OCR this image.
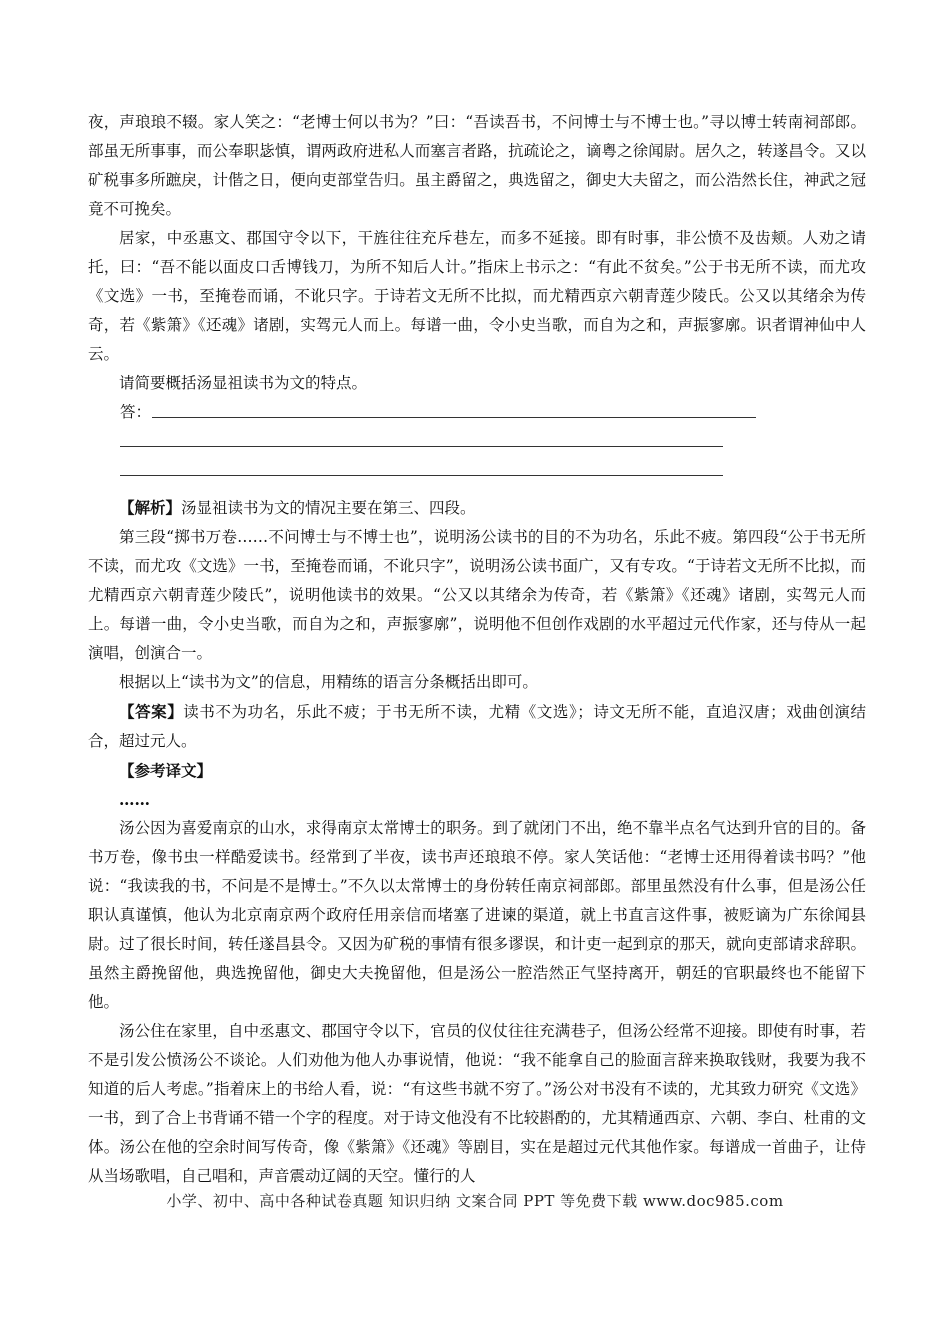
夜，声琅琅不辍。家人笑之：“老博士何以书为？”曰：“吾读吾书，不问博士与不博士也。”寻以博士转南祠部郎。部虽无所事事，而公奉职毖慎，谓两政府进私人而塞言者路，抗疏论之，谪粤之徐闻尉。居久之，转遂昌令。又以矿税事多所蹠戾，计偕之日，便向吏部堂告归。虽主爵留之，典选留之，御史大夫留之，而公浩然长住，神武之冠竟不可挽矣。

居家，中丞惠文、郡国守令以下，干旌往往充斥巷左，而多不延接。即有时事，非公愤不及齿颊。人劝之请托，曰：“吾不能以面皮口舌博钱刀，为所不知后人计。”指床上书示之：“有此不贫矣。”公于书无所不读，而尤攻《文选》一书，至掩卷而诵，不讹只字。于诗若文无所不比拟，而尤精西京六朝青莲少陵氏。公又以其绪余为传奇，若《紫箫》《还魂》诸剧，实驾元人而上。每谱一曲，令小史当歌，而自为之和，声振寥廓。识者谓神仙中人云。

请简要概括汤显祖读书为文的特点。

答：

【解析】汤显祖读书为文的情况主要在第三、四段。

第三段“掷书万卷……不问博士与不博士也”，说明汤公读书的目的不为功名，乐此不疲。第四段“公于书无所不读，而尤攻《文选》一书，至掩卷而诵，不讹只字”，说明汤公读书面广，又有专攻。“于诗若文无所不比拟，而尤精西京六朝青莲少陵氏”，说明他读书的效果。“公又以其绪余为传奇，若《紫箫》《还魂》诸剧，实驾元人而上。每谱一曲，令小史当歌，而自为之和，声振寥廓”，说明他不但创作戏剧的水平超过元代作家，还与侍从一起演唱，创演合一。

根据以上“读书为文”的信息，用精练的语言分条概括出即可。

【答案】读书不为功名，乐此不疲；于书无所不读，尤精《文选》；诗文无所不能，直追汉唐；戏曲创演结合，超过元人。

【参考译文】

……

汤公因为喜爱南京的山水，求得南京太常博士的职务。到了就闭门不出，绝不靠半点名气达到升官的目的。备书万卷，像书虫一样酷爱读书。经常到了半夜，读书声还琅琅不停。家人笑话他：“老博士还用得着读书吗？”他说：“我读我的书，不问是不是博士。”不久以太常博士的身份转任南京祠部郎。部里虽然没有什么事，但是汤公任职认真谨慎，他认为北京南京两个政府任用亲信而堵塞了进谏的渠道，就上书直言这件事，被贬谪为广东徐闻县尉。过了很长时间，转任遂昌县令。又因为矿税的事情有很多谬误，和计吏一起到京的那天，就向吏部请求辞职。虽然主爵挽留他，典选挽留他，御史大夫挽留他，但是汤公一腔浩然正气坚持离开，朝廷的官职最终也不能留下他。

汤公住在家里，自中丞惠文、郡国守令以下，官员的仪仗往往充满巷子，但汤公经常不迎接。即使有时事，若不是引发公愤汤公不谈论。人们劝他为他人办事说情，他说：“我不能拿自己的脸面言辞来换取钱财，我要为我不知道的后人考虑。”指着床上的书给人看，说：“有这些书就不穷了。”汤公对书没有不读的，尤其致力研究《文选》一书，到了合上书背诵不错一个字的程度。对于诗文他没有不比较斟酌的，尤其精通西京、六朝、李白、杜甫的文体。汤公在他的空余时间写传奇，像《紫箫》《还魂》等剧目，实在是超过元代其他作家。每谱成一首曲子，让侍从当场歌唱，自己唱和，声音震动辽阔的天空。懂行的人

小学、初中、高中各种试卷真题 知识归纳 文案合同 PPT 等免费下载 www.doc985.com
